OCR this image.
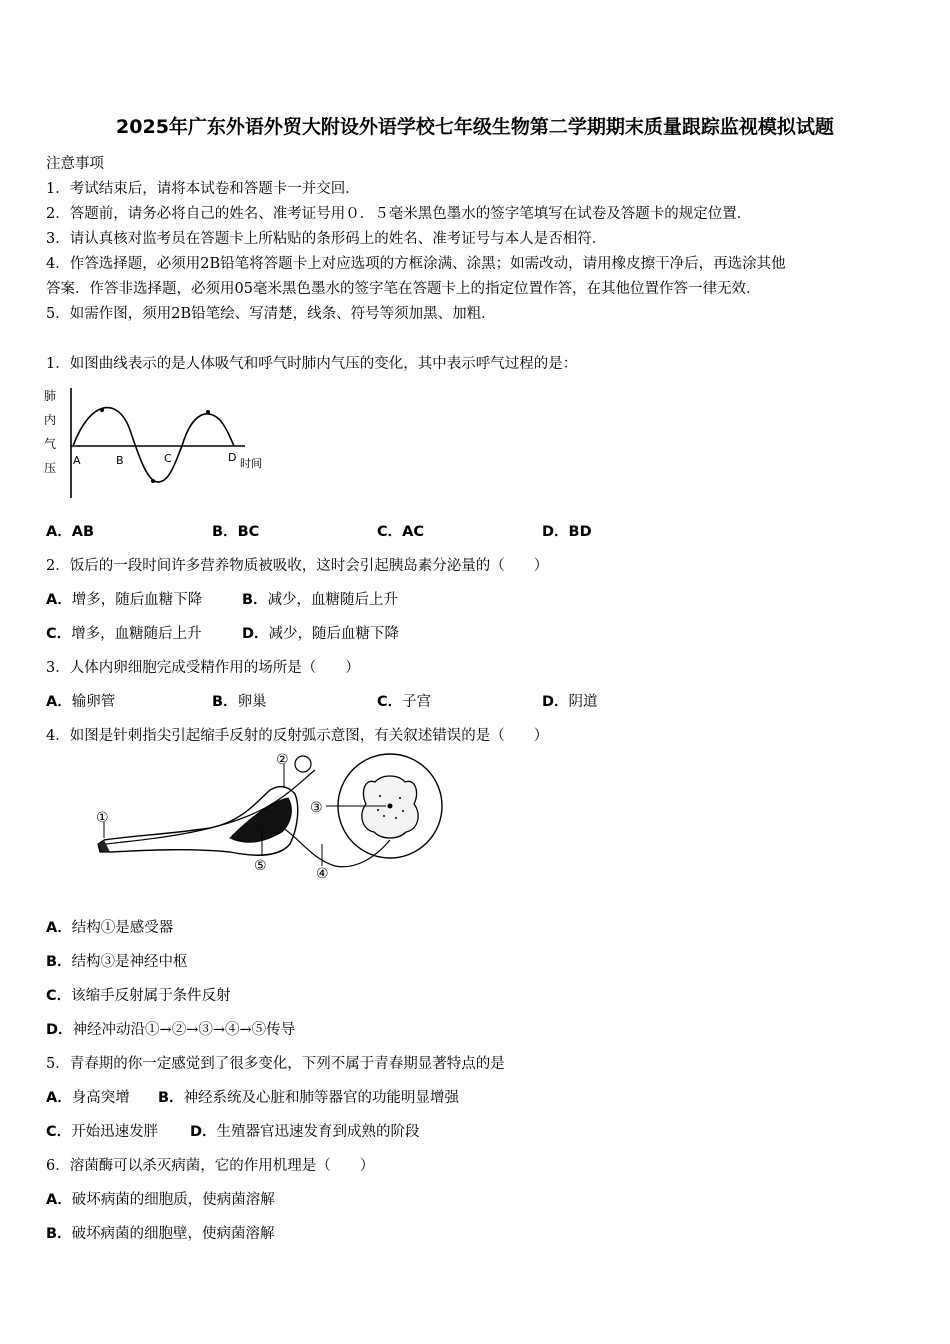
2025年广东外语外贸大附设外语学校七年级生物第二学期期末质量跟踪监视模拟试题
注意事项
1．考试结束后，请将本试卷和答题卡一并交回．
2．答题前，请务必将自己的姓名、准考证号用０．５毫米黑色墨水的签字笔填写在试卷及答题卡的规定位置．
3．请认真核对监考员在答题卡上所粘贴的条形码上的姓名、准考证号与本人是否相符．
4．作答选择题，必须用2B铅笔将答题卡上对应选项的方框涂满、涂黑；如需改动，请用橡皮擦干净后，再选涂其他
答案．作答非选择题，必须用05毫米黑色墨水的签字笔在答题卡上的指定位置作答，在其他位置作答一律无效．
5．如需作图，须用2B铅笔绘、写清楚，线条、符号等须加黑、加粗．
1．如图曲线表示的是人体吸气和呼气时肺内气压的变化，其中表示呼气过程的是：
肺
内
气
压
A	B	C	D 时间
A．AB	B．BC	C．AC	D．BD
2．饭后的一段时间许多营养物质被吸收，这时会引起胰岛素分泌量的（　　）
A．增多，随后血糖下降	B．减少，血糖随后上升
C．增多，血糖随后上升	D．减少，随后血糖下降
3．人体内卵细胞完成受精作用的场所是（　　）
A．输卵管	B．卵巢	C．子宫	D．阴道
4．如图是针刺指尖引起缩手反射的反射弧示意图，有关叙述错误的是（　　）
①
②
③
④
⑤
A．结构①是感受器
B．结构③是神经中枢
C．该缩手反射属于条件反射
D．神经冲动沿①→②→③→④→⑤传导
5．青春期的你一定感觉到了很多变化，下列不属于青春期显著特点的是
A．身高突增 B．神经系统及心脏和肺等器官的功能明显增强
C．开始迅速发胖 D．生殖器官迅速发育到成熟的阶段
6．溶菌酶可以杀灭病菌，它的作用机理是（　　）
A．破坏病菌的细胞质，使病菌溶解
B．破坏病菌的细胞壁，使病菌溶解
